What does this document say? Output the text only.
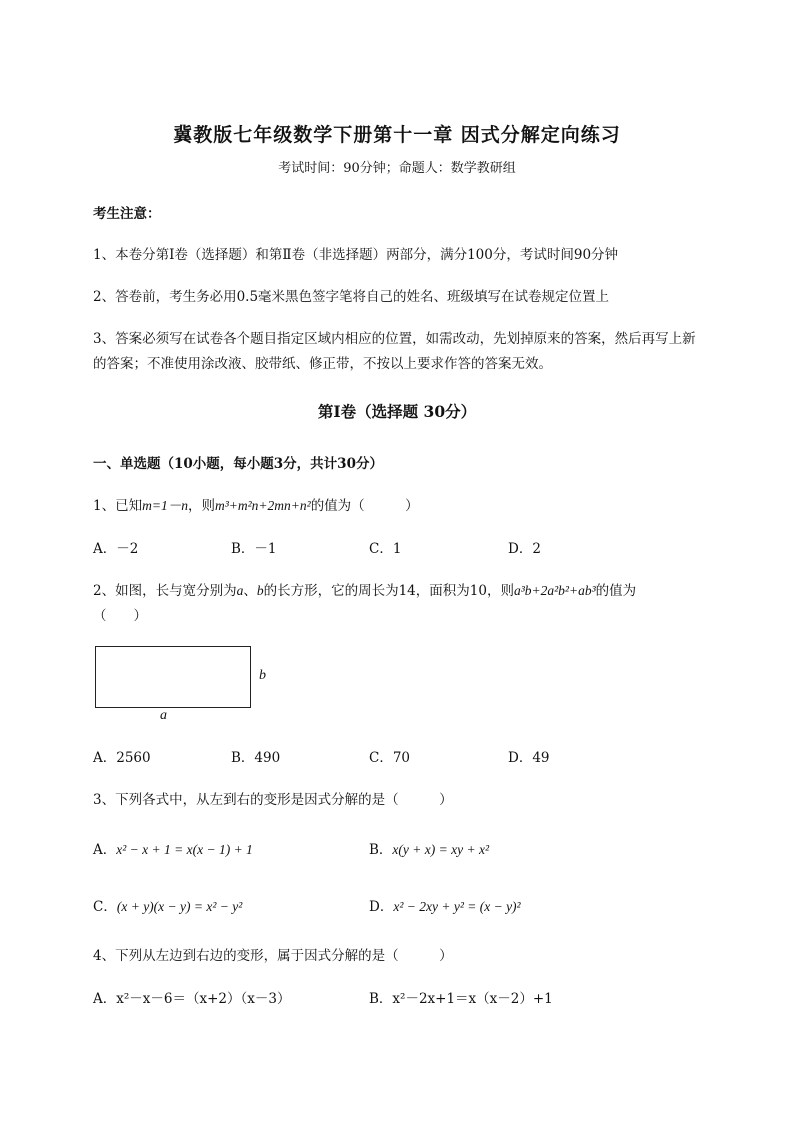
冀教版七年级数学下册第十一章 因式分解定向练习
考试时间：90分钟；命题人：数学教研组
考生注意：
1、本卷分第I卷（选择题）和第Ⅱ卷（非选择题）两部分，满分100分，考试时间90分钟
2、答卷前，考生务必用0.5毫米黑色签字笔将自己的姓名、班级填写在试卷规定位置上
3、答案必须写在试卷各个题目指定区域内相应的位置，如需改动，先划掉原来的答案，然后再写上新
的答案；不准使用涂改液、胶带纸、修正带，不按以上要求作答的答案无效。
第I卷（选择题 30分）
一、单选题（10小题，每小题3分，共计30分）
1、已知m=1－n，则m³+m²n+2mn+n²的值为（　　　）
A．－2	B．－1	C．1	D．2
2、如图，长与宽分别为a、b的长方形，它的周长为14，面积为10，则a³b+2a²b²+ab³的值为
（　　）
b
a
A．2560	B．490	C．70	D．49
3、下列各式中，从左到右的变形是因式分解的是（　　　）
A．x² − x + 1 = x(x − 1) + 1	B．x(y + x) = xy + x²
C．(x + y)(x − y) = x² − y²	D．x² − 2xy + y² = (x − y)²
4、下列从左边到右边的变形，属于因式分解的是（　　　）
A．x²－x－6＝（x+2）（x－3）	B．x²－2x+1＝x（x－2）+1
